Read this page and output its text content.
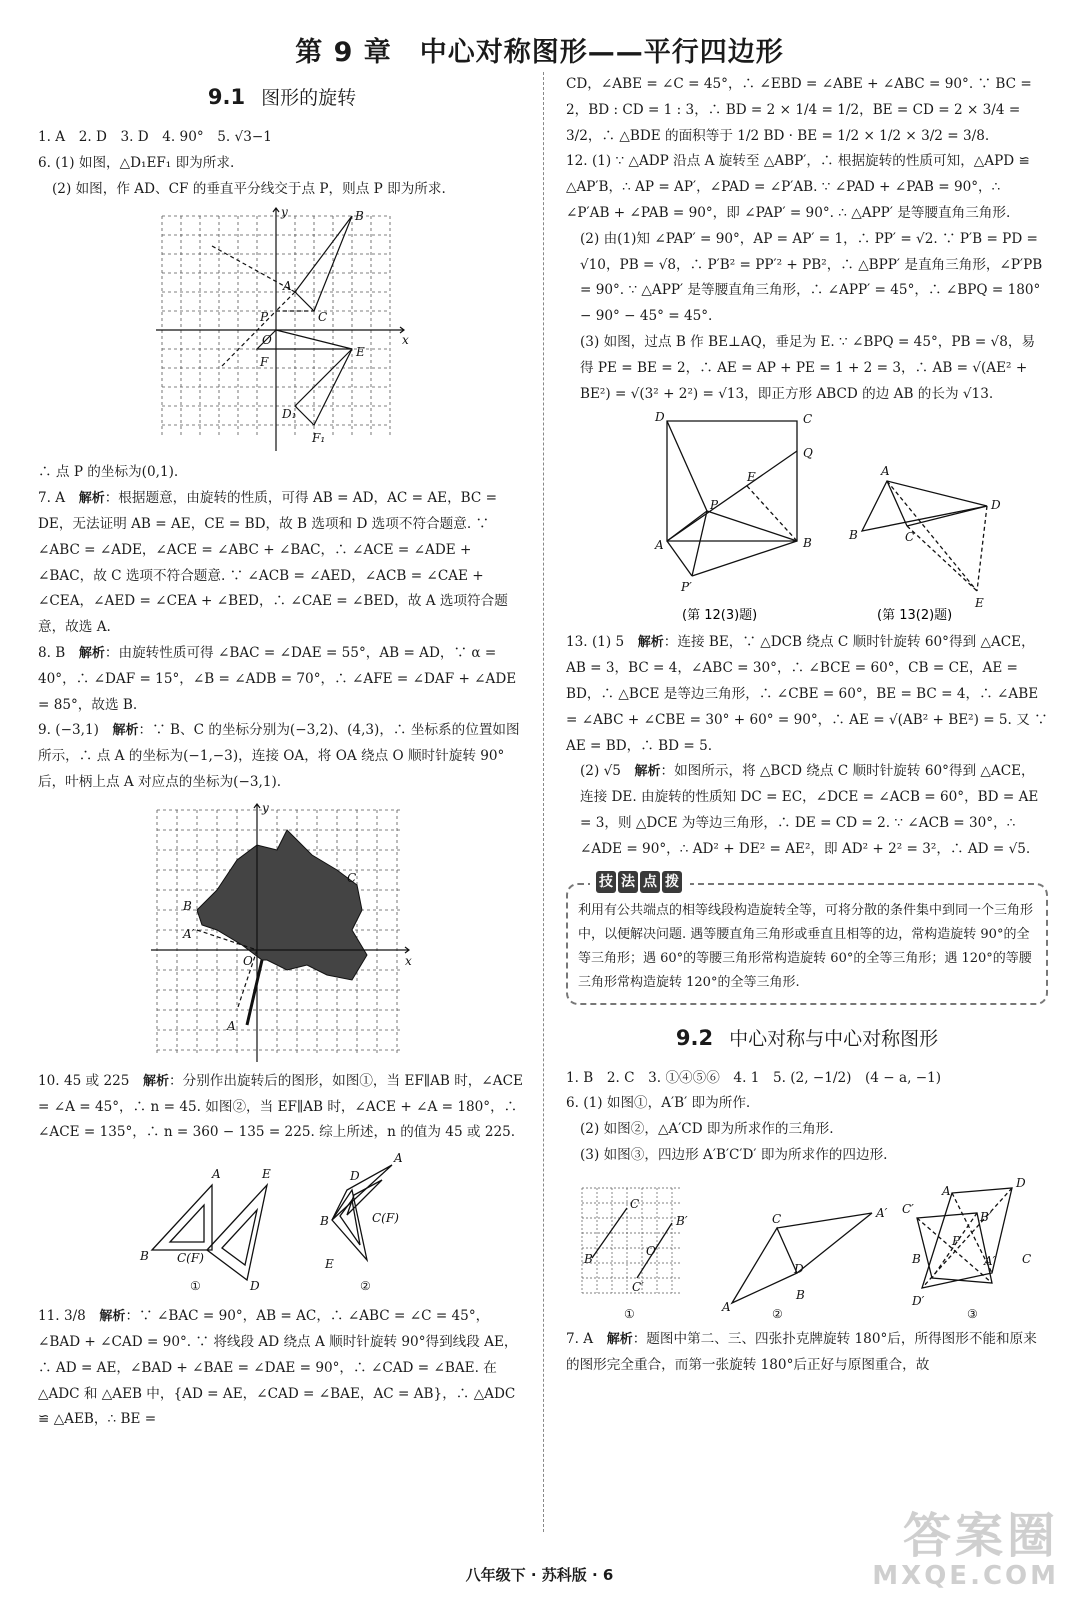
第 9 章　中心对称图形——平行四边形

9.1 图形的旋转

1. A　2. D　3. D　4. 90°　5. √3−1

6. (1) 如图，△D₁EF₁ 即为所求.

(2) 如图，作 AD、CF 的垂直平分线交于点 P，则点 P 即为所求.

y
x
B
A
C
P
O
F
E
D₁
F₁

∴ 点 P 的坐标为(0,1).

7. A　解析：根据题意，由旋转的性质，可得 AB = AD，AC = AE，BC = DE，无法证明 AB = AE，CE = BD，故 B 选项和 D 选项不符合题意. ∵ ∠ABC = ∠ADE，∠ACE = ∠ABC + ∠BAC，∴ ∠ACE = ∠ADE + ∠BAC，故 C 选项不符合题意. ∵ ∠ACB = ∠AED，∠ACB = ∠CAE + ∠CEA，∠AED = ∠CEA + ∠BED，∴ ∠CAE = ∠BED，故 A 选项符合题意，故选 A.

8. B　解析：由旋转性质可得 ∠BAC = ∠DAE = 55°，AB = AD，∵ α = 40°，∴ ∠DAF = 15°，∠B = ∠ADB = 70°，∴ ∠AFE = ∠DAF + ∠ADE = 85°，故选 B.

9. (−3,1)　解析：∵ B、C 的坐标分别为(−3,2)、(4,3)，∴ 坐标系的位置如图所示，∴ 点 A 的坐标为(−1,−3)，连接 OA，将 OA 绕点 O 顺时针旋转 90°后，叶柄上点 A 对应点的坐标为(−3,1).

y
x
B
C
A′
O
A

10. 45 或 225　解析：分别作出旋转后的图形，如图①，当 EF∥AB 时，∠ACE = ∠A = 45°，∴ n = 45. 如图②，当 EF∥AB 时，∠ACE + ∠A = 180°，∴ ∠ACE = 135°，∴ n = 360 − 135 = 225. 综上所述，n 的值为 45 或 225.

A	E
B C(F)
D
①
A
D
B	C(F)
E
②

11. 3/8　解析：∵ ∠BAC = 90°，AB = AC，∴ ∠ABC = ∠C = 45°，∠BAD + ∠CAD = 90°. ∵ 将线段 AD 绕点 A 顺时针旋转 90°得到线段 AE，∴ AD = AE，∠BAD + ∠BAE = ∠DAE = 90°，∴ ∠CAD = ∠BAE. 在

△ADC 和 △AEB 中，{AD = AE，∠CAD = ∠BAE，AC = AB}，∴ △ADC ≌ △AEB，∴ BE =

CD，∠ABE = ∠C = 45°，∴ ∠EBD = ∠ABE + ∠ABC = 90°. ∵ BC = 2，BD : CD = 1 : 3，∴ BD = 2 × 1/4 = 1/2，BE = CD = 2 × 3/4 = 3/2，∴ △BDE 的面积等于 1/2 BD · BE = 1/2 × 1/2 × 3/2 = 3/8.

12. (1) ∵ △ADP 沿点 A 旋转至 △ABP′，∴ 根据旋转的性质可知，△APD ≌ △AP′B，∴ AP = AP′，∠PAD = ∠P′AB. ∵ ∠PAD + ∠PAB = 90°，∴ ∠P′AB + ∠PAB = 90°，即 ∠PAP′ = 90°. ∴ △APP′ 是等腰直角三角形.

(2) 由(1)知 ∠PAP′ = 90°，AP = AP′ = 1，∴ PP′ = √2. ∵ P′B = PD = √10，PB = √8，∴ P′B² = PP′² + PB²，∴ △BPP′ 是直角三角形，∠P′PB = 90°. ∵ △APP′ 是等腰直角三角形，∴ ∠APP′ = 45°，∴ ∠BPQ = 180° − 90° − 45° = 45°.

(3) 如图，过点 B 作 BE⊥AQ，垂足为 E. ∵ ∠BPQ = 45°，PB = √8，易得 PE = BE = 2，∴ AE = AP + PE = 1 + 2 = 3，∴ AB = √(AE² + BE²) = √(3² + 2²) = √13，即正方形 ABCD 的边 AB 的长为 √13.

D	C
Q
E
P
A	B
P′
A
D
B	C
E
(第 12(3)题)	(第 13(2)题)

13. (1) 5　解析：连接 BE，∵ △DCB 绕点 C 顺时针旋转 60°得到 △ACE，AB = 3，BC = 4，∠ABC = 30°，∴ ∠BCE = 60°，CB = CE，AE = BD，∴ △BCE 是等边三角形，∴ ∠CBE = 60°，BE = BC = 4，∴ ∠ABE = ∠ABC + ∠CBE = 30° + 60° = 90°，∴ AE = √(AB² + BE²) = 5. 又 ∵ AE = BD，∴ BD = 5.

(2) √5　解析：如图所示，将 △BCD 绕点 C 顺时针旋转 60°得到 △ACE，连接 DE. 由旋转的性质知 DC = EC，∠DCE = ∠ACB = 60°，BD = AE = 3，则 △DCE 为等边三角形，∴ DE = CD = 2. ∵ ∠ACB = 30°，∴ ∠ADE = 90°，∴ AD² + DE² = AE²，即 AD² + 2² = 3²，∴ AD = √5.

技 法 点 拨

利用有公共端点的相等线段构造旋转全等，可将分散的条件集中到同一个三角形中，以便解决问题. 遇等腰直角三角形或垂直且相等的边，常构造旋转 90°的全等三角形；遇 60°的等腰三角形常构造旋转 60°的全等三角形；遇 120°的等腰三角形常构造旋转 120°的全等三角形.

9.2 中心对称与中心对称图形

1. B　2. C　3. ①④⑤⑥　4. 1　5. (2, −1/2)　(4 − a, −1)

6. (1) 如图①，A′B′ 即为所作.

(2) 如图②，△A′CD 即为所求作的三角形.

(3) 如图③，四边形 A′B′C′D′ 即为所求作的四边形.

C
B′
B
C′
O
①
C	A′
A
B
D
②
D
A
C′
B′
P
B	C
A′
D′
③

7. A　解析：题图中第二、三、四张扑克牌旋转 180°后，所得图形不能和原来的图形完全重合，而第一张旋转 180°后正好与原图重合，故

答案圈
MXQE.COM
八年级下 · 苏科版 · 6
